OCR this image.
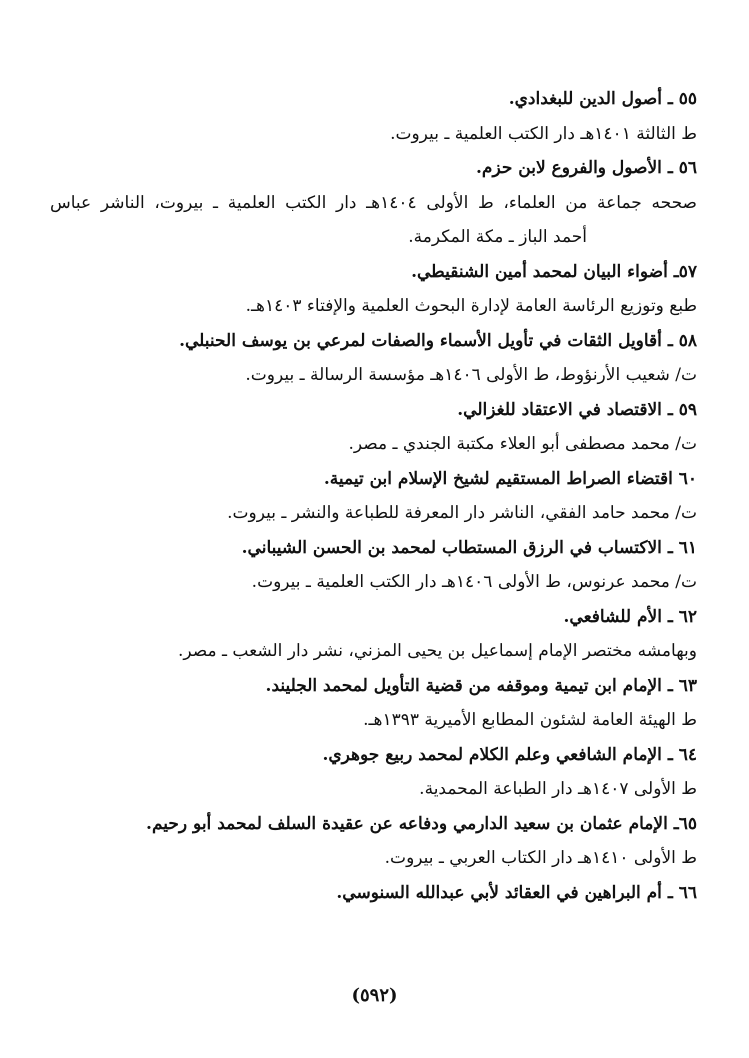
٥٥ ـ أصول الدين للبغدادي.
ط الثالثة ١٤٠١هـ دار الكتب العلمية ـ بيروت.
٥٦ ـ الأصول والفروع لابن حزم.
صححه جماعة من العلماء، ط الأولى ١٤٠٤هـ دار الكتب العلمية ـ بيروت، الناشر عباس
أحمد الباز ـ مكة المكرمة.
٥٧ـ أضواء البيان لمحمد أمين الشنقيطي.
طبع وتوزيع الرئاسة العامة لإدارة البحوث العلمية والإفتاء ١٤٠٣هـ.
٥٨ ـ أقاويل الثقات في تأويل الأسماء والصفات لمرعي بن يوسف الحنبلي.
ت/ شعيب الأرنؤوط، ط الأولى ١٤٠٦هـ مؤسسة الرسالة ـ بيروت.
٥٩ ـ الاقتصاد في الاعتقاد للغزالي.
ت/ محمد مصطفى أبو العلاء مكتبة الجندي ـ مصر.
٦٠ اقتضاء الصراط المستقيم لشيخ الإسلام ابن تيمية.
ت/ محمد حامد الفقي، الناشر دار المعرفة للطباعة والنشر ـ بيروت.
٦١ ـ الاكتساب في الرزق المستطاب لمحمد بن الحسن الشيباني.
ت/ محمد عرنوس، ط الأولى ١٤٠٦هـ دار الكتب العلمية ـ بيروت.
٦٢ ـ الأم للشافعي.
وبهامشه مختصر الإمام إسماعيل بن يحيى المزني، نشر دار الشعب ـ مصر.
٦٣ ـ الإمام ابن تيمية وموقفه من قضية التأويل لمحمد الجليند.
ط الهيئة العامة لشئون المطابع الأميرية ١٣٩٣هـ.
٦٤ ـ الإمام الشافعي وعلم الكلام لمحمد ربيع جوهري.
ط الأولى ١٤٠٧هـ دار الطباعة المحمدية.
٦٥ـ الإمام عثمان بن سعيد الدارمي ودفاعه عن عقيدة السلف لمحمد أبو رحيم.
ط الأولى ١٤١٠هـ دار الكتاب العربي ـ بيروت.
٦٦ ـ أم البراهين في العقائد لأبي عبدالله السنوسي.
(٥٩٢)
